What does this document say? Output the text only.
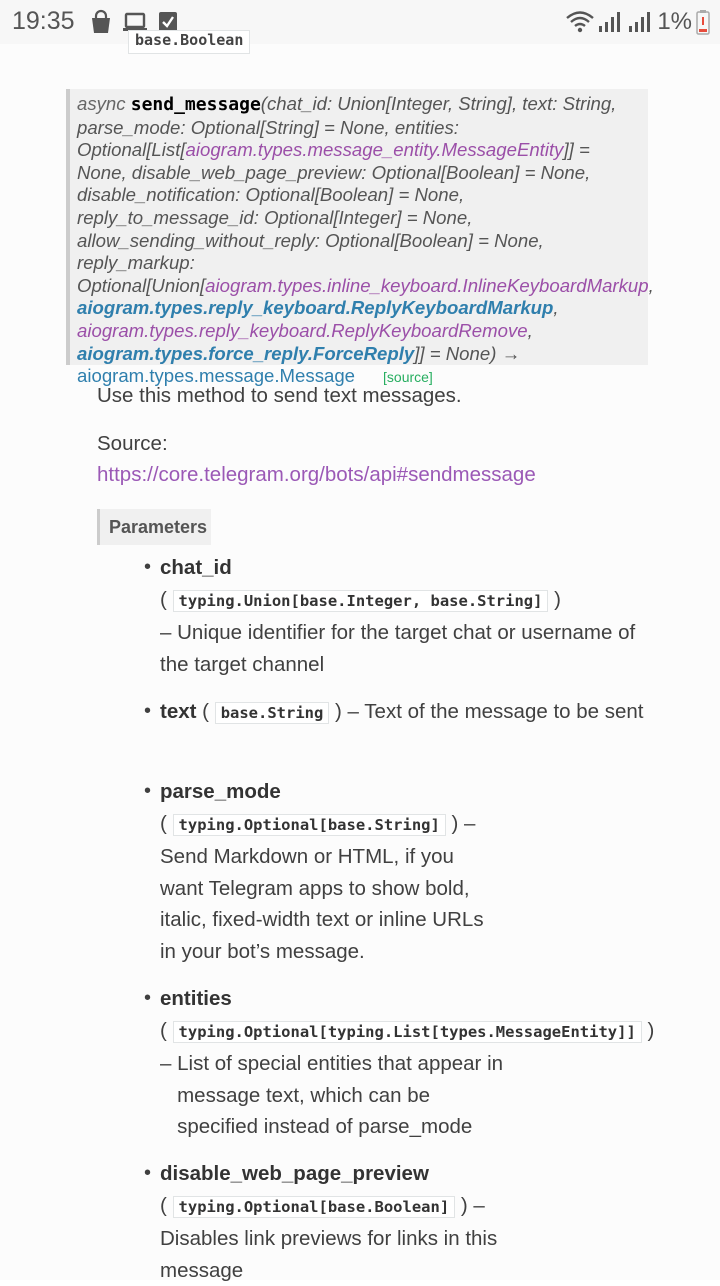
19:35	1%
base.Boolean
async send_message(chat_id: Union[Integer, String], text: String, parse_mode: Optional[String] = None, entities: Optional[List[aiogram.types.message_entity.MessageEntity]] = None, disable_web_page_preview: Optional[Boolean] = None, disable_notification: Optional[Boolean] = None, reply_to_message_id: Optional[Integer] = None, allow_sending_without_reply: Optional[Boolean] = None, reply_markup: Optional[Union[aiogram.types.inline_keyboard.InlineKeyboardMarkup, aiogram.types.reply_keyboard.ReplyKeyboardMarkup, aiogram.types.reply_keyboard.ReplyKeyboardRemove, aiogram.types.force_reply.ForceReply]] = None) → aiogram.types.message.Message [source]
Use this method to send text messages.
Source:
https://core.telegram.org/bots/api#sendmessage
Parameters
• chat_id
( typing.Union[base.Integer, base.String] )
– Unique identifier for the target chat or username of the target channel
• text ( base.String ) – Text of the message to be sent
• parse_mode
( typing.Optional[base.String] ) –
Send Markdown or HTML, if you want Telegram apps to show bold, italic, fixed-width text or inline URLs in your bot’s message.
• entities
( typing.Optional[typing.List[types.MessageEntity]] )
– List of special entities that appear in message text, which can be specified instead of parse_mode
• disable_web_page_preview
( typing.Optional[base.Boolean] ) –
Disables link previews for links in this message
